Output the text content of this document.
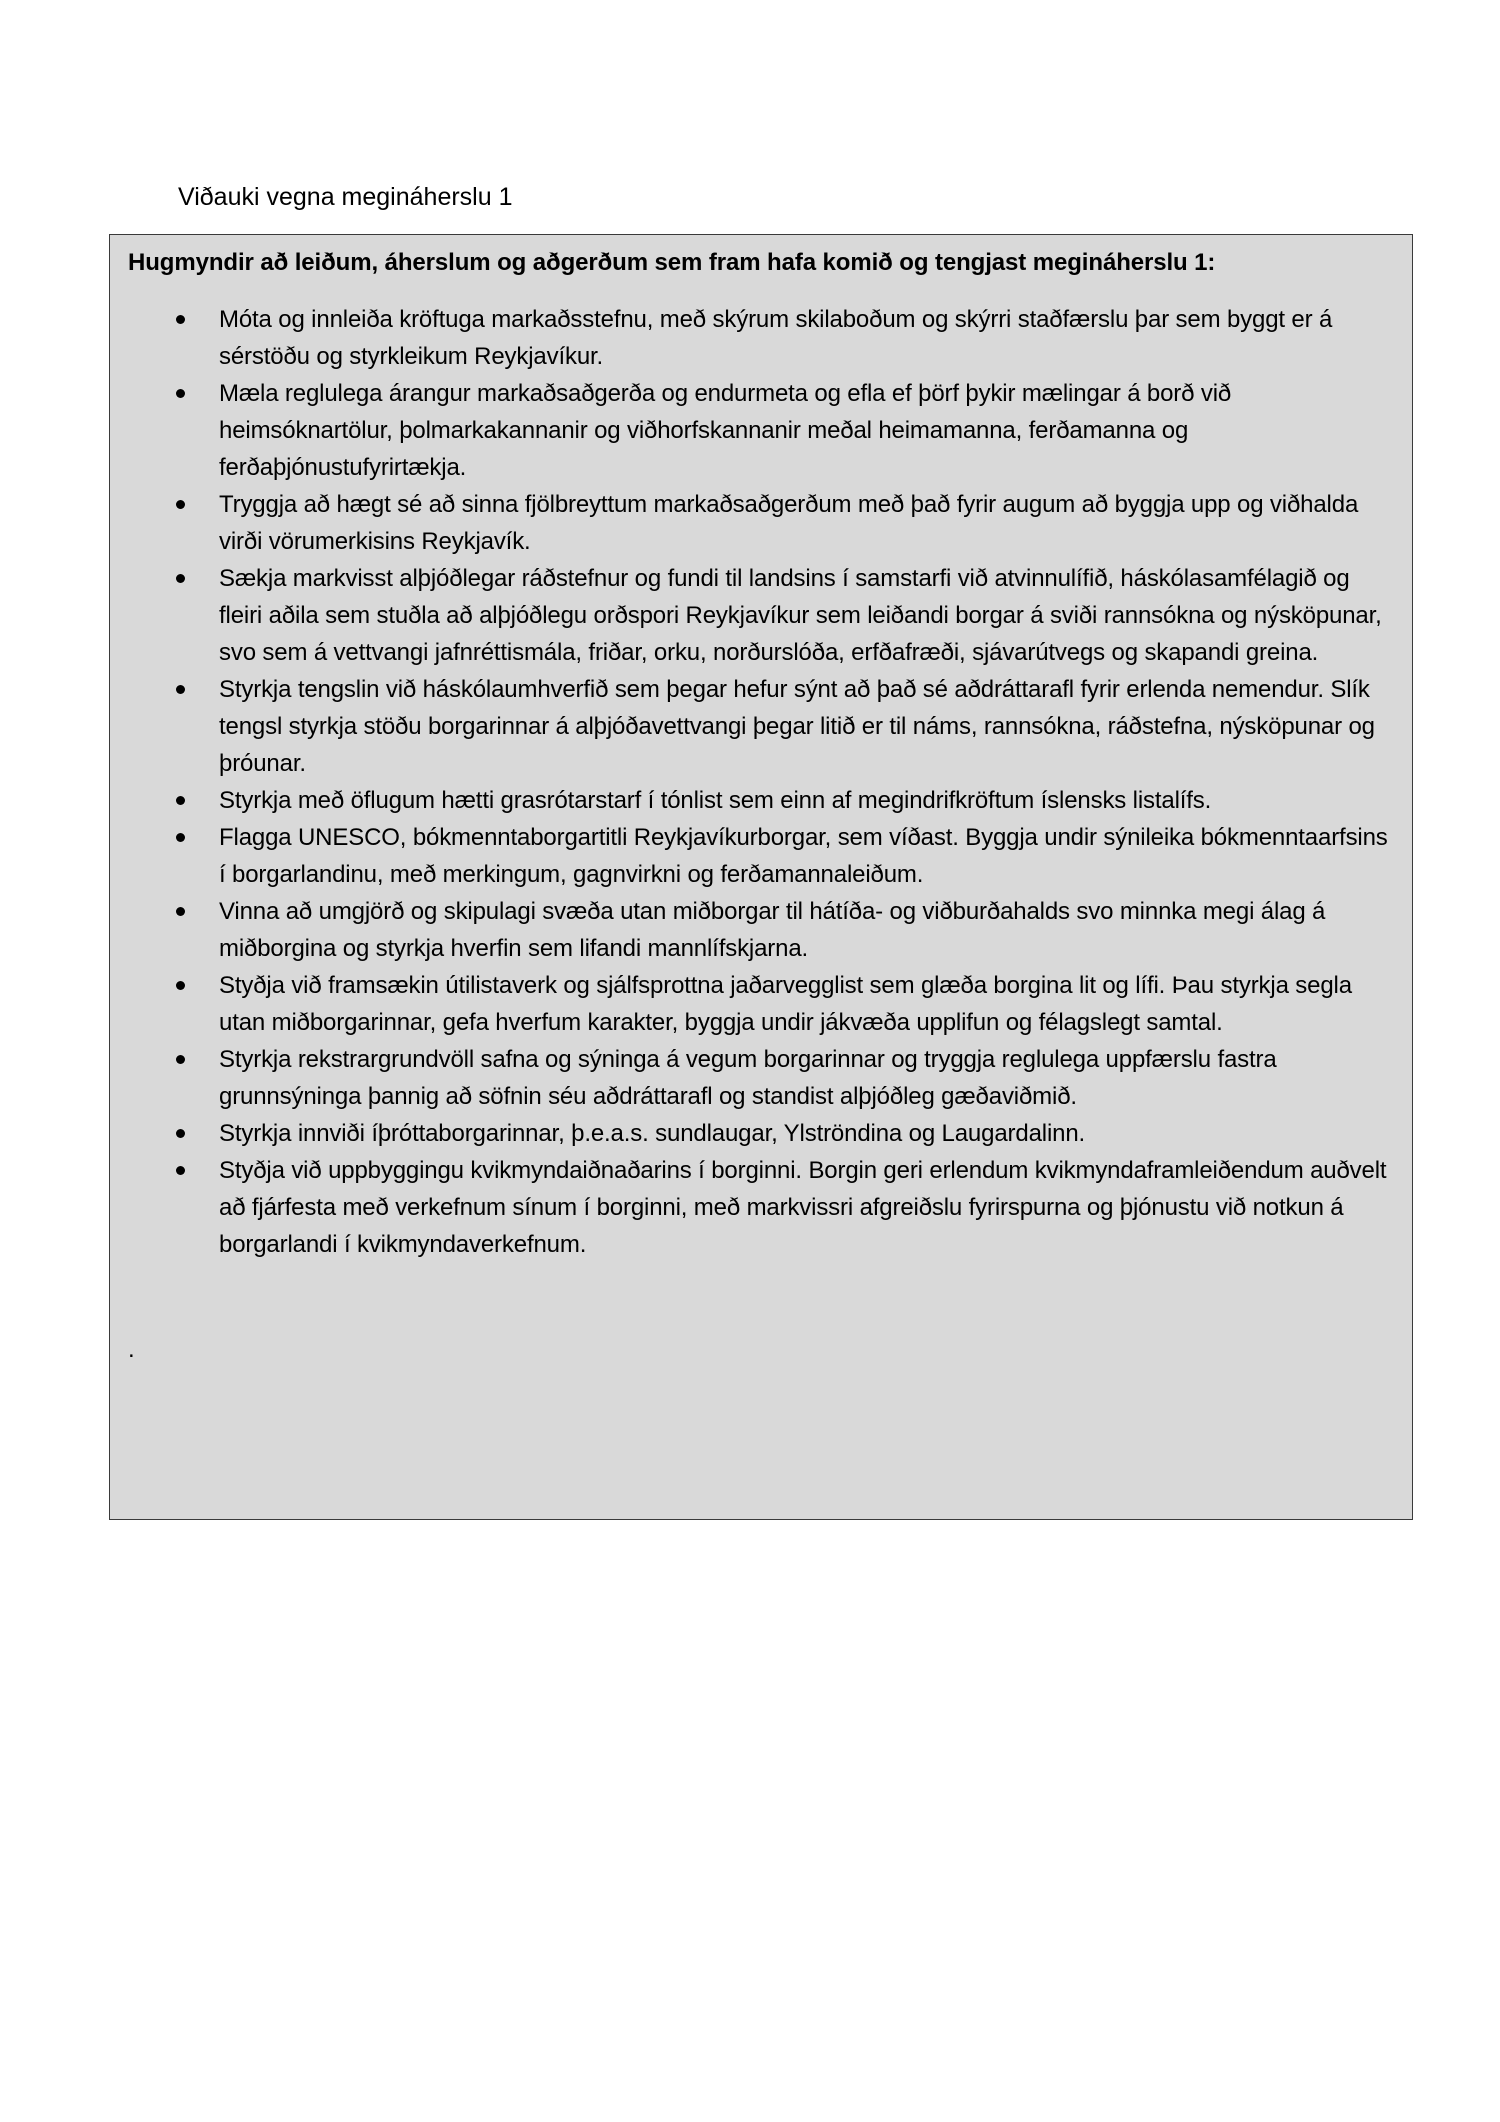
Viðauki vegna megináherslu 1
Hugmyndir að leiðum, áherslum og aðgerðum sem fram hafa komið og tengjast megináherslu 1:
Móta og innleiða kröftuga markaðsstefnu, með skýrum skilaboðum og skýrri staðfærslu þar sem byggt er á sérstöðu og styrkleikum Reykjavíkur.
Mæla reglulega árangur markaðsaðgerða og endurmeta og efla ef þörf þykir mælingar á borð við heimsóknartölur, þolmarkakannanir og viðhorfskannanir meðal heimamanna, ferðamanna og ferðaþjónustufyrirtækja.
Tryggja að hægt sé að sinna fjölbreyttum markaðsaðgerðum með það fyrir augum að byggja upp og viðhalda virði vörumerkisins Reykjavík.
Sækja markvisst alþjóðlegar ráðstefnur og fundi til landsins í samstarfi við atvinnulífið, háskólasamfélagið og fleiri aðila sem stuðla að alþjóðlegu orðspori Reykjavíkur sem leiðandi borgar á sviði rannsókna og nýsköpunar, svo sem á vettvangi jafnréttismála, friðar, orku, norðurslóða, erfðafræði, sjávarútvegs og skapandi greina.
Styrkja tengslin við háskólaumhverfið sem þegar hefur sýnt að það sé aðdráttarafl fyrir erlenda nemendur. Slík tengsl styrkja stöðu borgarinnar á alþjóðavettvangi þegar litið er til náms, rannsókna, ráðstefna, nýsköpunar og þróunar.
Styrkja með öflugum hætti grasrótarstarf í tónlist sem einn af megindrifkröftum íslensks listalífs.
Flagga UNESCO, bókmenntaborgartitli Reykjavíkurborgar, sem víðast. Byggja undir sýnileika bókmenntaarfsins í borgarlandinu, með merkingum, gagnvirkni og ferðamannaleiðum.
Vinna að umgjörð og skipulagi svæða utan miðborgar til hátíða- og viðburðahalds svo minnka megi álag á miðborgina og styrkja hverfin sem lifandi mannlífskjarna.
Styðja við framsækin útilistaverk og sjálfsprottna jaðarvegglist sem glæða borgina lit og lífi. Þau styrkja segla utan miðborgarinnar, gefa hverfum karakter, byggja undir jákvæða upplifun og félagslegt samtal.
Styrkja rekstrargrundvöll safna og sýninga á vegum borgarinnar og tryggja reglulega uppfærslu fastra grunnsýninga þannig að söfnin séu aðdráttarafl og standist alþjóðleg gæðaviðmið.
Styrkja innviði íþróttaborgarinnar, þ.e.a.s. sundlaugar, Ylströndina og Laugardalinn.
Styðja við uppbyggingu kvikmyndaiðnaðarins í borginni. Borgin geri erlendum kvikmyndaframleiðendum auðvelt að fjárfesta með verkefnum sínum í borginni, með markvissri afgreiðslu fyrirspurna og þjónustu við notkun á borgarlandi í kvikmyndaverkefnum.
.
